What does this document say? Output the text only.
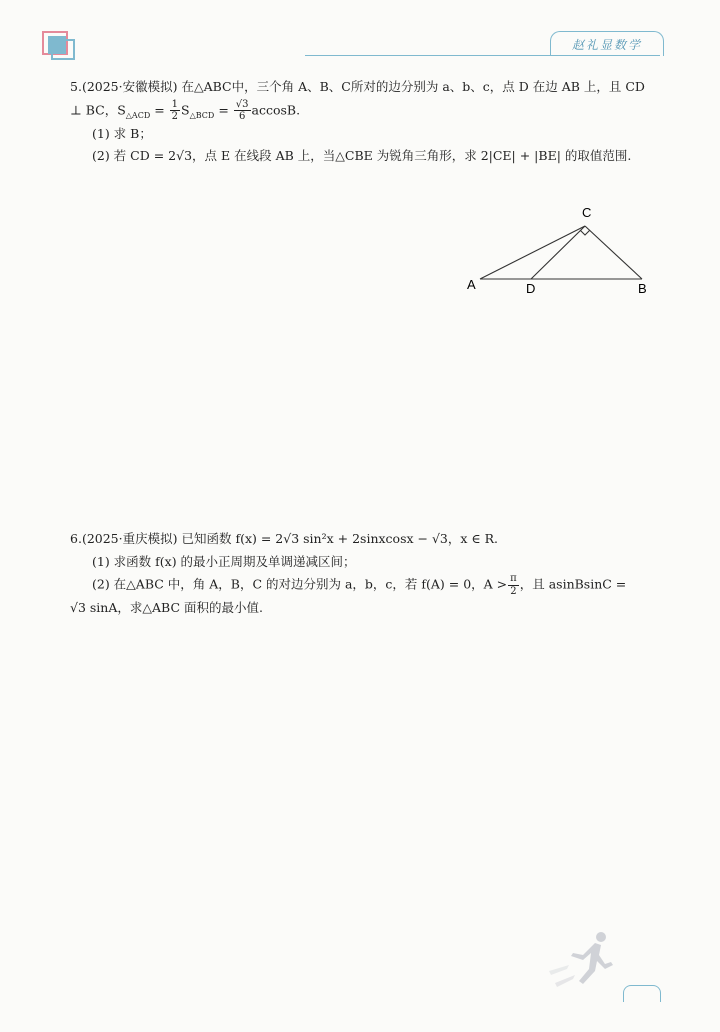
赵礼显数学
5.(2025·安徽模拟) 在△ABC中，三个角 A、B、C所对的边分别为 a、b、c，点 D 在边 AB 上，且 CD
⊥ BC，$S_{\triangle ACD} = \frac{1}{2} S_{\triangle BCD} = \frac{√3}{6} accosB$.
(1) 求 B；
(2) 若 CD = 2√3，点 E 在线段 AB 上，当△CBE 为锐角三角形，求 2|CE| + |BE| 的取值范围.
C
A	D	B
6.(2025·重庆模拟) 已知函数 f(x) = 2√3 sin²x + 2sinxcosx − √3，x ∈ R.
(1) 求函数 f(x) 的最小正周期及单调递减区间；
(2) 在△ABC 中，角 A，B，C 的对边分别为 a，b，c，若 f(A) = 0，$A > \frac{\pi}{2}$ ，且 asinBsinC =
√3 sinA，求△ABC 面积的最小值.
